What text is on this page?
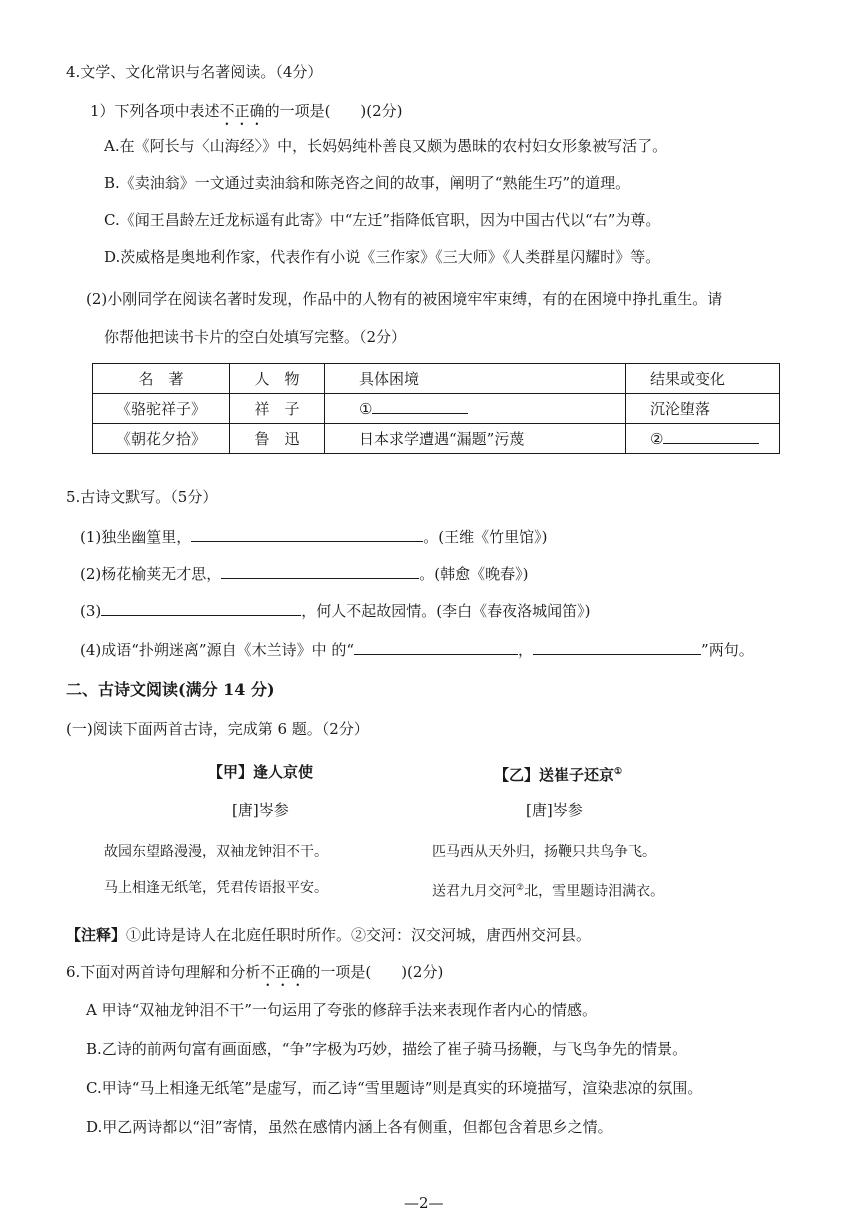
4.文学、文化常识与名著阅读。（4分）
1）下列各项中表述不正确的一项是(　　)(2分)
A.在《阿长与〈山海经〉》中，长妈妈纯朴善良又颇为愚昧的农村妇女形象被写活了。
B.《卖油翁》一文通过卖油翁和陈尧咨之间的故事，阐明了“熟能生巧”的道理。
C.《闻王昌龄左迁龙标遥有此寄》中“左迁”指降低官职，因为中国古代以“右”为尊。
D.茨威格是奥地利作家，代表作有小说《三作家》《三大师》《人类群星闪耀时》等。
(2)小刚同学在阅读名著时发现，作品中的人物有的被困境牢牢束缚，有的在困境中挣扎重生。请
你帮他把读书卡片的空白处填写完整。（2分）
名　著	人　物	具体困境	结果或变化
《骆驼祥子》	祥　子	①	沉沦堕落
《朝花夕拾》	鲁　迅	日本求学遭遇“漏题”污蔑	②
5.古诗文默写。（5分）
(1)独坐幽篁里，	。(王维《竹里馆》)
(2)杨花榆荚无才思，	。(韩愈《晚春》)
(3)	，何人不起故园情。(李白《春夜洛城闻笛》)
(4)成语“扑朔迷离”源自《木兰诗》中 的“	，	”两句。
二、古诗文阅读(满分 14 分)
(一)阅读下面两首古诗，完成第 6 题。（2分）
【甲】逢人京使
[唐]岑参
故园东望路漫漫，双袖龙钟泪不干。
马上相逢无纸笔，凭君传语报平安。
【乙】送崔子还京①
[唐]岑参
匹马西从天外归，扬鞭只共鸟争飞。
送君九月交河②北，雪里题诗泪满衣。
【注释】①此诗是诗人在北庭任职时所作。②交河：汉交河城，唐西州交河县。
6.下面对两首诗句理解和分析不正确的一项是(　　)(2分)
A 甲诗“双袖龙钟泪不干”一句运用了夸张的修辞手法来表现作者内心的情感。
B.乙诗的前两句富有画面感，“争”字极为巧妙，描绘了崔子骑马扬鞭，与飞鸟争先的情景。
C.甲诗“马上相逢无纸笔”是虚写，而乙诗“雪里题诗”则是真实的环境描写，渲染悲凉的氛围。
D.甲乙两诗都以“泪”寄情，虽然在感情内涵上各有侧重，但都包含着思乡之情。
—2—
